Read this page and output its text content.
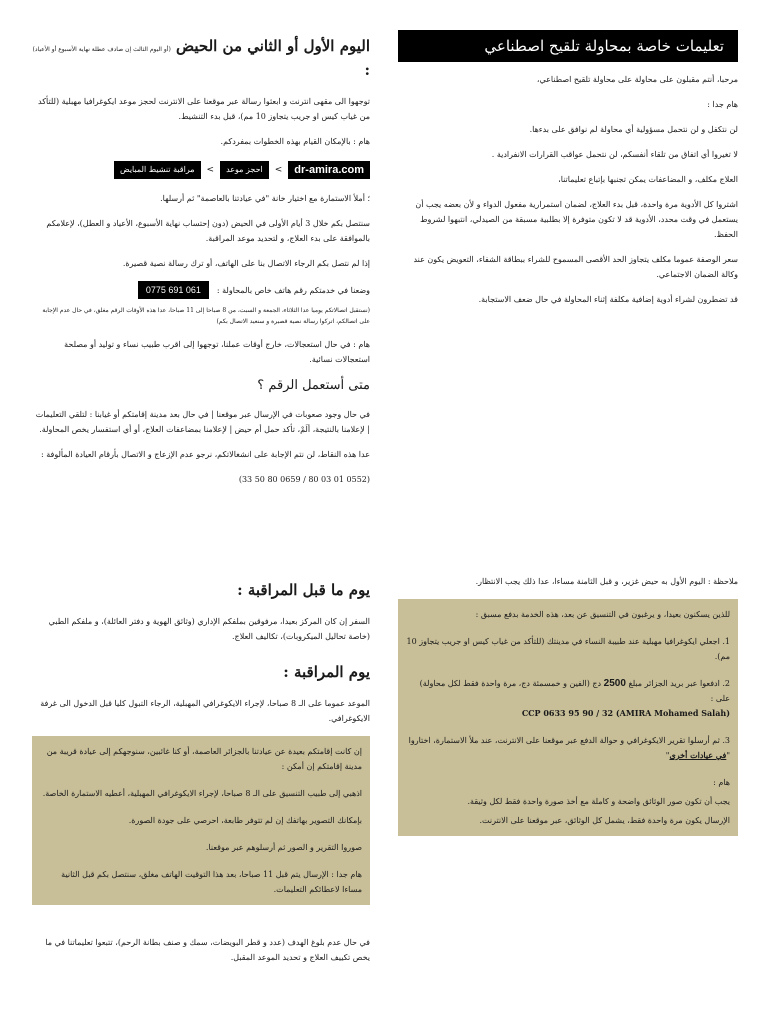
تعليمات خاصة بمحاولة تلقيح اصطناعي

مرحبا، أنتم مقبلون على محاولة على محاولة تلقيح اصطناعي،

هام جدا :

لن نتكفل و لن نتحمل مسؤولية أي محاولة لم نوافق على بدءها.

لا تغيروا أي اتفاق من تلقاء أنفسكم، لن نتحمل عواقب القرارات الانفرادية .

العلاج مكلف، و المضاعفات يمكن تجنبها بإتباع تعليماتنا،

اشتروا كل الأدوية مرة واحدة، قبل بدء العلاج، لضمان استمرارية مفعول الدواء و لأن بعضه يجب أن يستعمل في وقت محدد، الأدوية قد لا تكون متوفرة إلا بطلبية مسبقة من الصيدلي، انتبهوا لشروط الحفظ.

سعر الوصفة عموما مكلف يتجاوز الحد الأقصى المسموح للشراء ببطاقة الشفاء، التعويض يكون عند وكالة الضمان الاجتماعي.

قد تضطرون لشراء أدوية إضافية مكلفة إثناء المحاولة في حال ضعف الاستجابة.

اليوم الأول أو الثاني من الحيض (أو اليوم الثالث إن صادف عطلة نهاية الأسبوع أو الأعياد) :

توجهوا الى مقهى انترنت و ابعثوا رسالة عبر موقعنا على الانترنت لحجز موعد ايكوغرافيا مهبلية (للتأكد من غياب كيس او جريب يتجاوز 10 مم)، قبل بدء التنشيط.

هام : بالإمكان القيام بهذه الخطوات بمفردكم.

dr-amira.com
>
احجز موعد
>
مراقبة تنشيط المبايض

؛ أملأ الاستمارة مع اختيار خانة "في عيادتنا بالعاصمة" ثم أرسلها.

سنتصل بكم خلال 3 أيام الأولى في الحيض (دون إحتساب نهاية الأسبوع، الأعياد و العطل)، لإعلامكم بالموافقة على بدء العلاج، و لتحديد موعد المراقبة.

إذا لم نتصل بكم الرجاء الاتصال بنا على الهاتف، أو ترك رسالة نصية قصيرة.

وضعنا في خدمتكم رقم هاتف خاص بالمحاولة :
0775 691 061

(نستقبل اتصالاتكم يوميا عدا الثلاثاء، الجمعة و السبت، من 8 صباحا إلى 11 صباحا، عدا هذه الأوقات الرقم مغلق، في حال عدم الإجابة على اتصالكم، اتركوا رسالة نصية قصيرة و سنعيد الاتصال بكم)

هام : في حال استعجالات، خارج أوقات عملنا، توجهوا إلى اقرب طبيب نساء و توليد أو مصلحة استعجالات نسائية.

متى أستعمل الرقم ؟

في حال وجود صعوبات في الإرسال عبر موقعنا | في حال بعد مدينة إقامتكم أو غيابنا : لتلقي التعليمات | لإعلامنا بالنتيجة، ألَمْ، تأكد حمل أم حيض | لإعلامنا بمضاعفات العلاج، أو أي استفسار يخص المحاولة.

عدا هذه النقاط، لن نتم الإجابة على انشغالاتكم، نرجو عدم الإزعاج و الاتصال بأرقام العيادة المألوفة :

(0552 01 03 80 / 0659 80 50 33)

ملاحظة : اليوم الأول به حيض غزير، و قبل الثامنة مساءا، عدا ذلك يجب الانتظار.

للذين يسكنون بعيدا، و يرغبون في التنسيق عن بعد، هذه الخدمة بدفع مسبق :

1. اجعلي ايكوغرافيا مهبلية عند طبيبة النساء في مدينتك (للتأكد من غياب كيس او جريب يتجاوز 10 مم).

2. ادفعوا عبر بريد الجزائر مبلغ 2500 دج (الفين و خمسمئة دج، مرة واحدة فقط لكل محاولة) على :
CCP 0633 95 90 / 32 (AMIRA Mohamed Salah)

3. ثم أرسلوا تقرير الايكوغرافي و حوالة الدفع عبر موقعنا على الانترنت، عند ملأ الاستمارة، اختاروا "في عيادات أخرى"

هام :

يجب أن تكون صور الوثائق واضحة و كاملة مع أخذ صورة واحدة فقط لكل وثيقة.

الإرسال يكون مرة واحدة فقط، يشمل كل الوثائق، عبر موقعنا على الانترنت.

يوم ما قبل المراقبة :

السفر إن كان المركز بعيدا، مرفوقين بملفكم الإداري (وثائق الهوية و دفتر العائلة)، و ملفكم الطبي (خاصة تحاليل الميكروبات)، تكاليف العلاج.

يوم المراقبة :

الموعد عموما على الـ 8 صباحا، لإجراء الايكوغرافي المهبلية، الرجاء التبول كليا قبل الدخول الى غرفة الايكوغرافي.

إن كانت إقامتكم بعيدة عن عيادتنا بالجزائر العاصمة، أو كنا غائبين، سنوجهكم إلى عيادة قريبة من مدينة إقامتكم إن أمكن :

اذهبي إلى طبيب التنسيق على الـ 8 صباحا، لإجراء الايكوغرافي المهبلية، أعطيه الاستمارة الخاصة.

بإمكانك التصوير بهاتفك إن لم تتوفر طابعة، احرصي على جودة الصورة.

صوروا التقرير و الصور ثم أرسلوهم عبر موقعنا.

هام جدا : الإرسال يتم قبل 11 صباحا، بعد هذا التوقيت الهاتف مغلق، سنتصل بكم قبل الثانية مساءا لاعطائكم التعليمات.

في حال عدم بلوغ الهدف (عدد و قطر البويضات، سمك و صنف بطانة الرحم)، تتبعوا تعليماتنا في ما يخص تكييف العلاج و تحديد الموعد المقبل.
